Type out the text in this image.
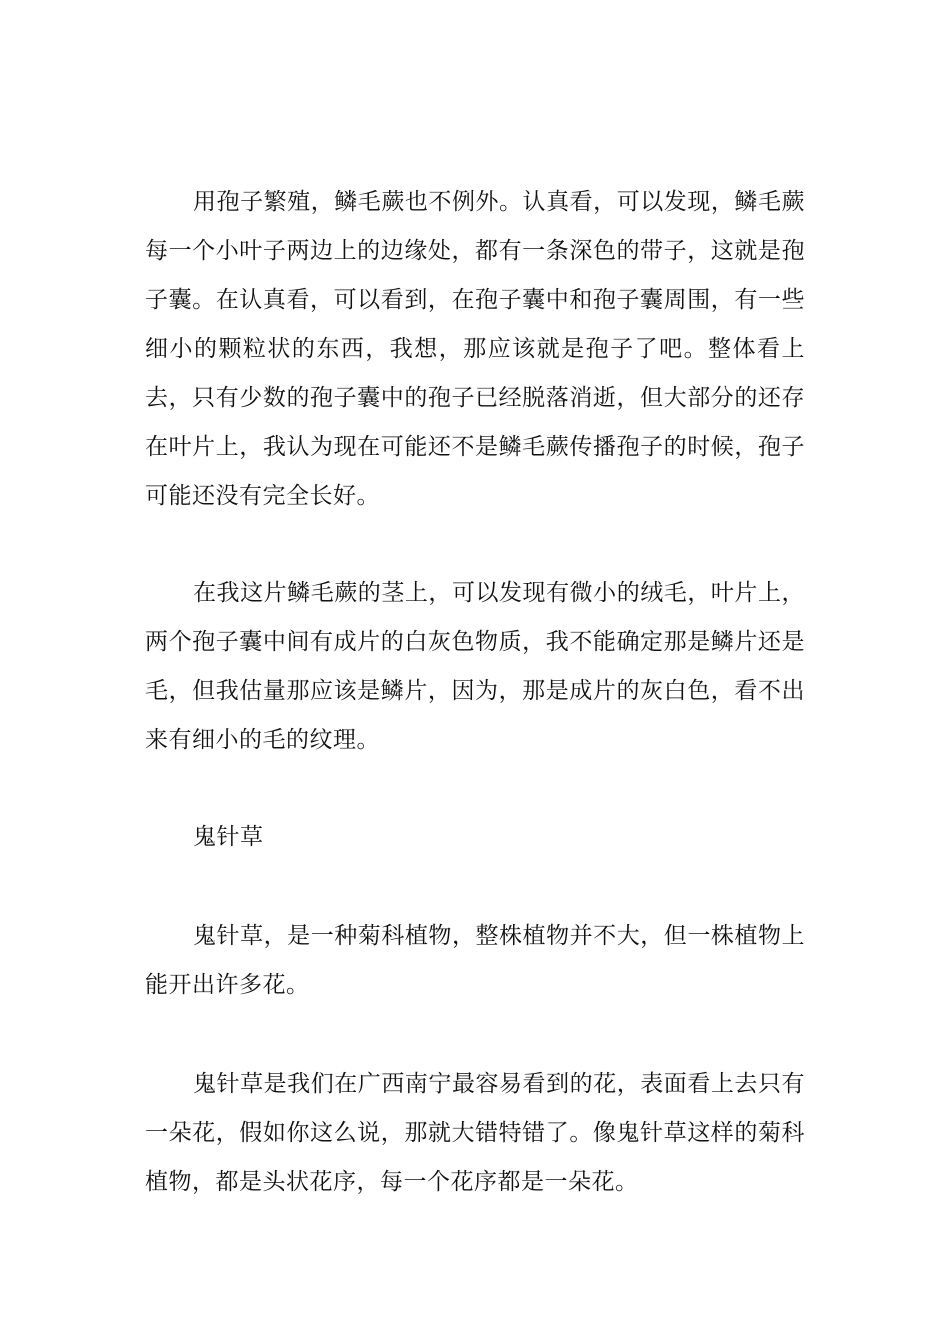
用孢子繁殖，鳞毛蕨也不例外。认真看，可以发现，鳞毛蕨每一个小叶子两边上的边缘处，都有一条深色的带子，这就是孢子囊。在认真看，可以看到，在孢子囊中和孢子囊周围，有一些细小的颗粒状的东西，我想，那应该就是孢子了吧。整体看上去，只有少数的孢子囊中的孢子已经脱落消逝，但大部分的还存在叶片上，我认为现在可能还不是鳞毛蕨传播孢子的时候，孢子可能还没有完全长好。

在我这片鳞毛蕨的茎上，可以发现有微小的绒毛，叶片上，两个孢子囊中间有成片的白灰色物质，我不能确定那是鳞片还是毛，但我估量那应该是鳞片，因为，那是成片的灰白色，看不出来有细小的毛的纹理。

鬼针草

鬼针草，是一种菊科植物，整株植物并不大，但一株植物上能开出许多花。

鬼针草是我们在广西南宁最容易看到的花，表面看上去只有一朵花，假如你这么说，那就大错特错了。像鬼针草这样的菊科植物，都是头状花序，每一个花序都是一朵花。
